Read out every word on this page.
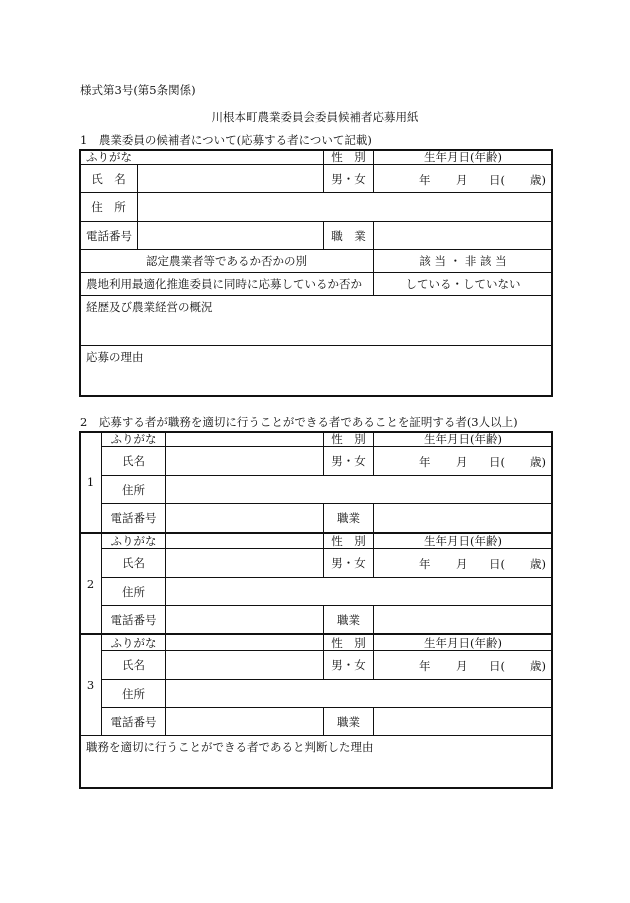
様式第3号(第5条関係)
川根本町農業委員会委員候補者応募用紙
1　農業委員の候補者について(応募する者について記載)
ふりがな	性　別	生年月日(年齢)
氏　名	男・女	年 月 日( 歳)
住　所
電話番号	職　業
認定農業者等であるか否かの別	該 当 ・ 非 該 当
農地利用最適化推進委員に同時に応募しているか否か	している・していない
経歴及び農業経営の概況
応募の理由
2　応募する者が職務を適切に行うことができる者であることを証明する者(3人以上)
1
ふりがな	性　別	生年月日(年齢)
氏名	男・女	年 月 日( 歳)
住所
電話番号	職業
2
ふりがな	性　別	生年月日(年齢)
氏名	男・女	年 月 日( 歳)
住所
電話番号	職業
3
ふりがな	性　別	生年月日(年齢)
氏名	男・女	年 月 日( 歳)
住所
電話番号	職業
職務を適切に行うことができる者であると判断した理由
